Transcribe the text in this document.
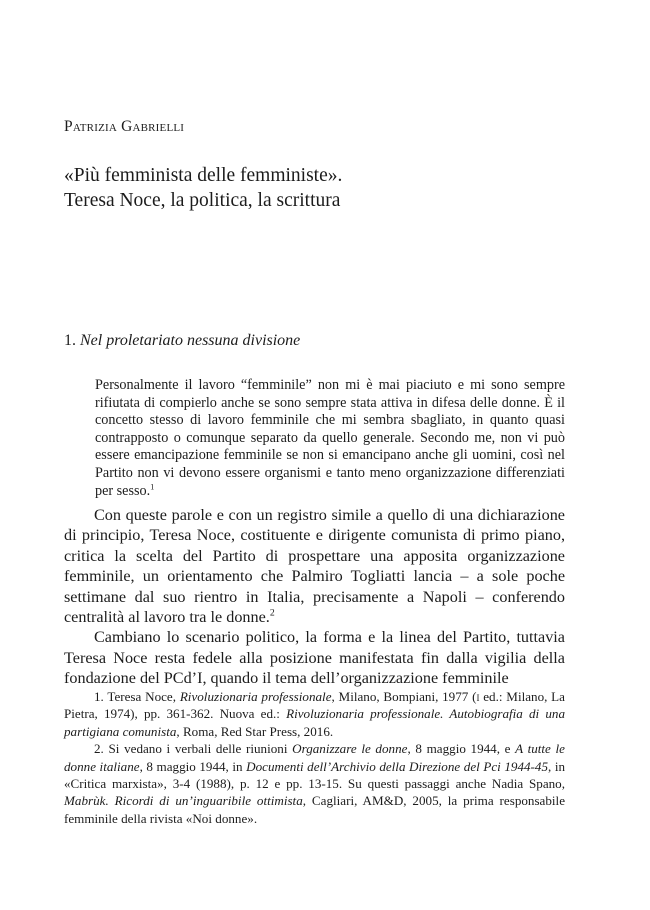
Patrizia Gabrielli
«Più femminista delle femministe».
Teresa Noce, la politica, la scrittura
1. Nel proletariato nessuna divisione

Personalmente il lavoro “femminile” non mi è mai piaciuto e mi sono sempre rifiutata di compierlo anche se sono sempre stata attiva in difesa delle donne. È il concetto stesso di lavoro femminile che mi sembra sbagliato, in quanto quasi contrapposto o comunque separato da quello generale. Secondo me, non vi può essere emancipazione femminile se non si emancipano anche gli uomini, così nel Partito non vi devono essere organismi e tanto meno organizzazione differenziati per sesso.$^1$

Con queste parole e con un registro simile a quello di una dichiarazione di principio, Teresa Noce, costituente e dirigente comunista di primo piano, critica la scelta del Partito di prospettare una apposita organizzazione femminile, un orientamento che Palmiro Togliatti lancia – a sole poche settimane dal suo rientro in Italia, precisamente a Napoli – conferendo centralità al lavoro tra le donne.$^2$

Cambiano lo scenario politico, la forma e la linea del Partito, tuttavia Teresa Noce resta fedele alla posizione manifestata fin dalla vigilia della fondazione del PCd’I, quando il tema dell’organizzazione femminile

1. Teresa Noce, Rivoluzionaria professionale, Milano, Bompiani, 1977 (i ed.: Milano, La Pietra, 1974), pp. 361-362. Nuova ed.: Rivoluzionaria professionale. Autobiografia di una partigiana comunista, Roma, Red Star Press, 2016.

2. Si vedano i verbali delle riunioni Organizzare le donne, 8 maggio 1944, e A tutte le donne italiane, 8 maggio 1944, in Documenti dell’Archivio della Direzione del Pci 1944-45, in «Critica marxista», 3-4 (1988), p. 12 e pp. 13-15. Su questi passaggi anche Nadia Spano, Mabrùk. Ricordi di un’inguaribile ottimista, Cagliari, AM&D, 2005, la prima responsabile femminile della rivista «Noi donne».
